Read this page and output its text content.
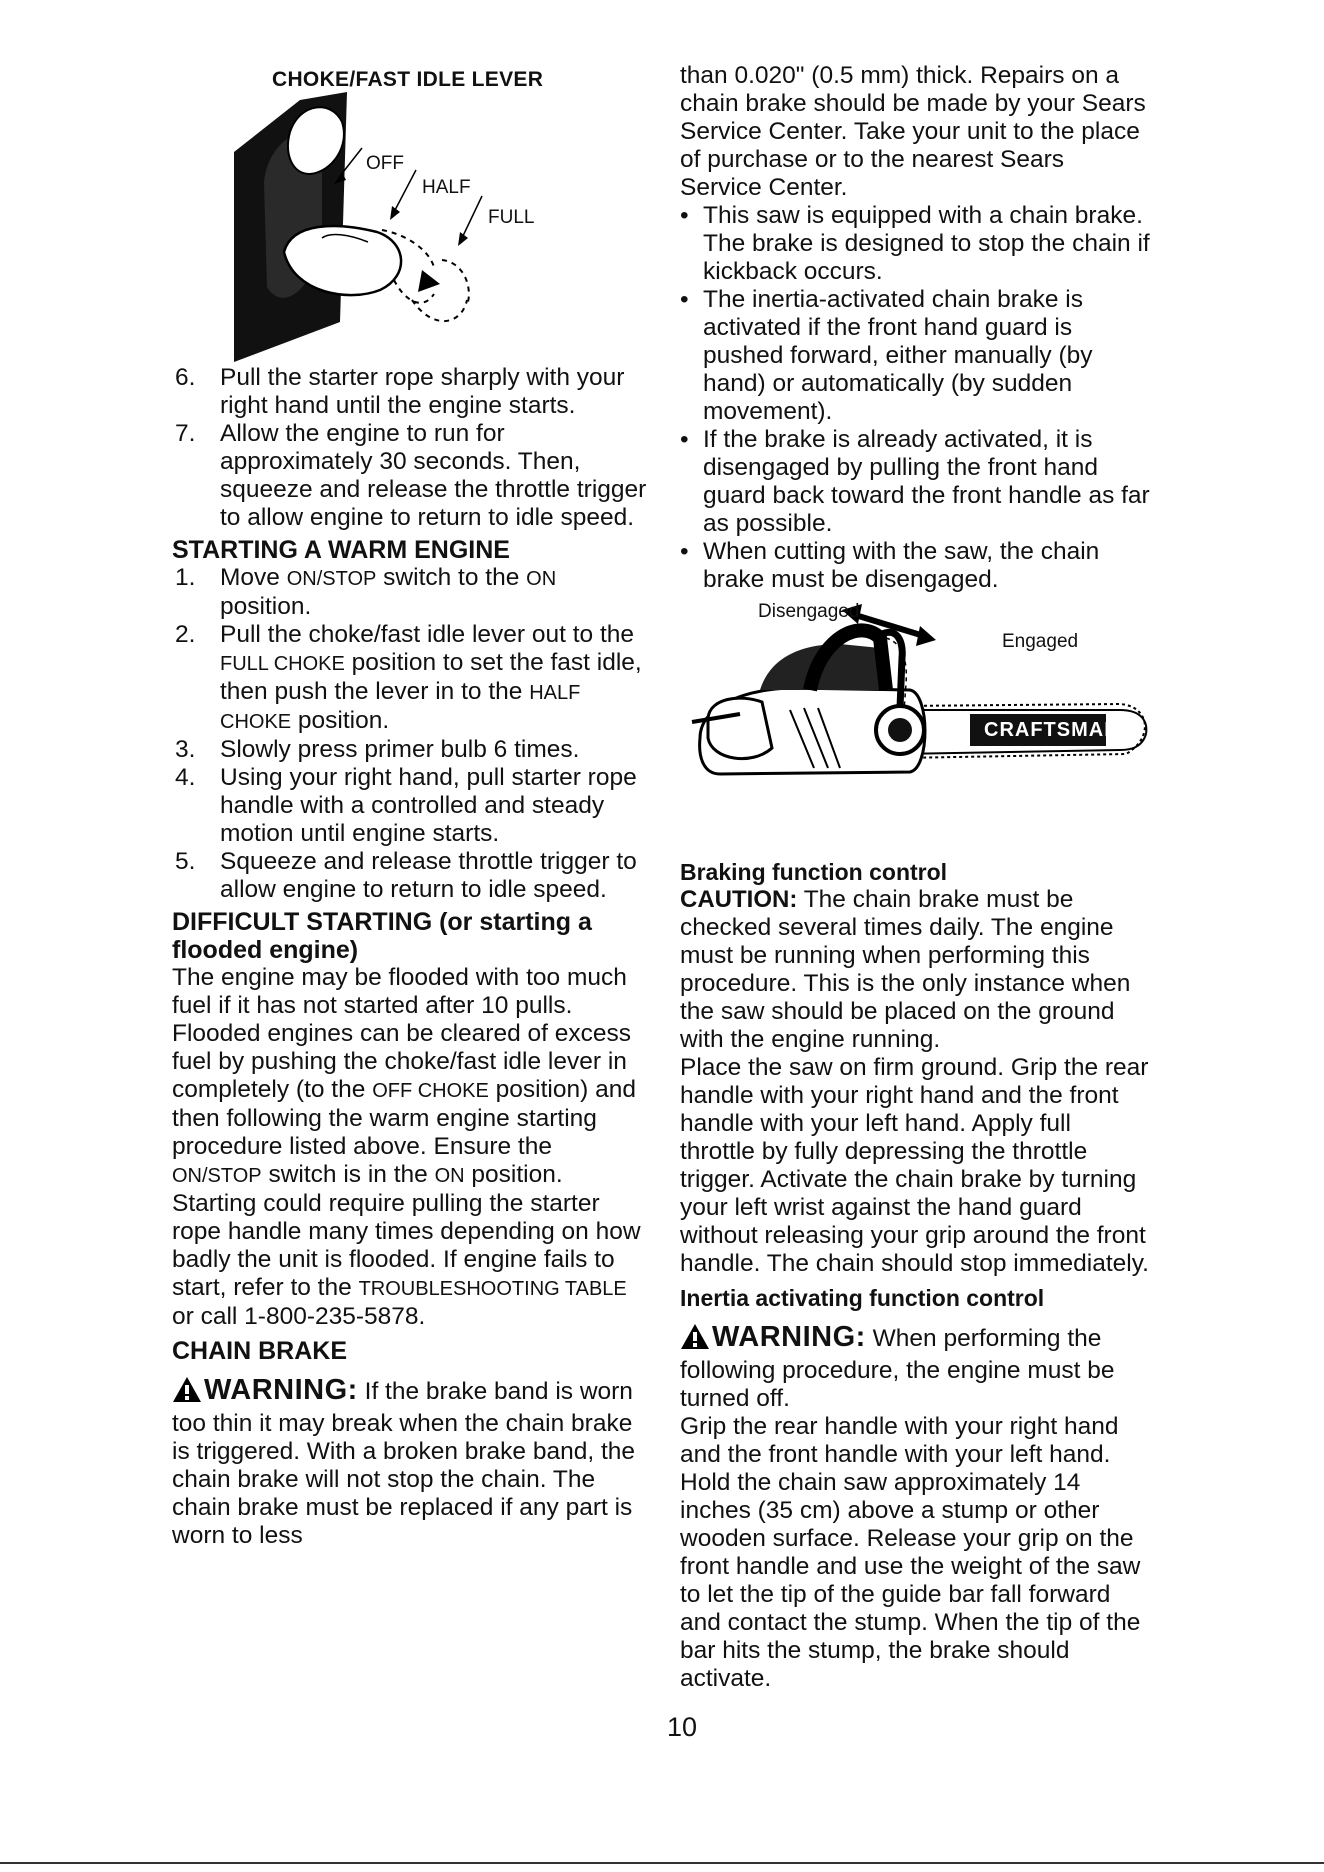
CHOKE/FAST IDLE LEVER
OFF
HALF
FULL
6. Pull the starter rope sharply with your right hand until the engine starts.
7. Allow the engine to run for approximately 30 seconds. Then, squeeze and release the throttle trigger to allow engine to return to idle speed.

STARTING A WARM ENGINE

1. Move ON/STOP switch to the ON position.
2. Pull the choke/fast idle lever out to the FULL CHOKE position to set the fast idle, then push the lever in to the HALF CHOKE position.
3. Slowly press primer bulb 6 times.
4. Using your right hand, pull starter rope handle with a controlled and steady motion until engine starts.
5. Squeeze and release throttle trigger to allow engine to return to idle speed.

DIFFICULT STARTING (or starting a flooded engine)

The engine may be flooded with too much fuel if it has not started after 10 pulls.

Flooded engines can be cleared of excess fuel by pushing the choke/fast idle lever in completely (to the OFF CHOKE position) and then following the warm engine starting procedure listed above. Ensure the ON/STOP switch is in the ON position.

Starting could require pulling the starter rope handle many times depending on how badly the unit is flooded. If engine fails to start, refer to the TROUBLESHOOTING TABLE or call 1-800-235-5878.

CHAIN BRAKE

WARNING: If the brake band is worn too thin it may break when the chain brake is triggered. With a broken brake band, the chain brake will not stop the chain. The chain brake must be replaced if any part is worn to less

than 0.020" (0.5 mm) thick. Repairs on a chain brake should be made by your Sears Service Center. Take your unit to the place of purchase or to the nearest Sears Service Center.

• This saw is equipped with a chain brake. The brake is designed to stop the chain if kickback occurs.
• The inertia-activated chain brake is activated if the front hand guard is pushed forward, either manually (by hand) or automatically (by sudden movement).
• If the brake is already activated, it is disengaged by pulling the front hand guard back toward the front handle as far as possible.
• When cutting with the saw, the chain brake must be disengaged.
Disengaged
Engaged
CRAFTSMAN

Braking function control

CAUTION: The chain brake must be checked several times daily. The engine must be running when performing this procedure. This is the only instance when the saw should be placed on the ground with the engine running.

Place the saw on firm ground. Grip the rear handle with your right hand and the front handle with your left hand. Apply full throttle by fully depressing the throttle trigger. Activate the chain brake by turning your left wrist against the hand guard without releasing your grip around the front handle. The chain should stop immediately.

Inertia activating function control

WARNING: When performing the following procedure, the engine must be turned off.

Grip the rear handle with your right hand and the front handle with your left hand. Hold the chain saw approximately 14 inches (35 cm) above a stump or other wooden surface. Release your grip on the front handle and use the weight of the saw to let the tip of the guide bar fall forward and contact the stump. When the tip of the bar hits the stump, the brake should activate.

10
